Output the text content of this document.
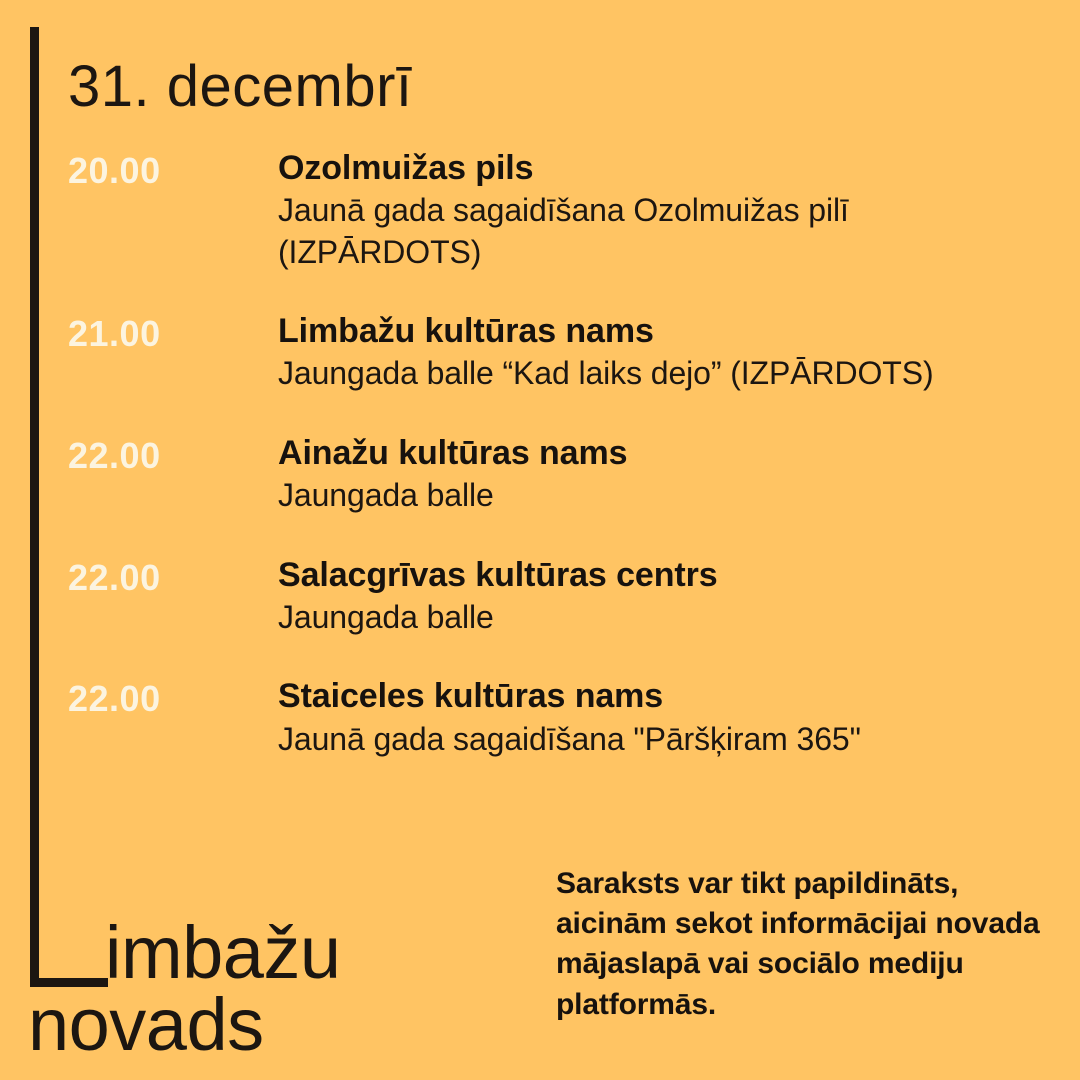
31. decembrī
20.00	Ozolmuižas pils

Jaunā gada sagaidīšana Ozolmuižas pilī (IZPĀRDOTS)

21.00	Limbažu kultūras nams

Jaungada balle “Kad laiks dejo” (IZPĀRDOTS)

22.00	Ainažu kultūras nams

Jaungada balle

22.00	Salacgrīvas kultūras centrs

Jaungada balle

22.00	Staiceles kultūras nams

Jaunā gada sagaidīšana "Pāršķiram 365"

Saraksts var tikt papildināts, aicinām sekot informācijai novada mājaslapā vai sociālo mediju platformās.
imbažu
novads
